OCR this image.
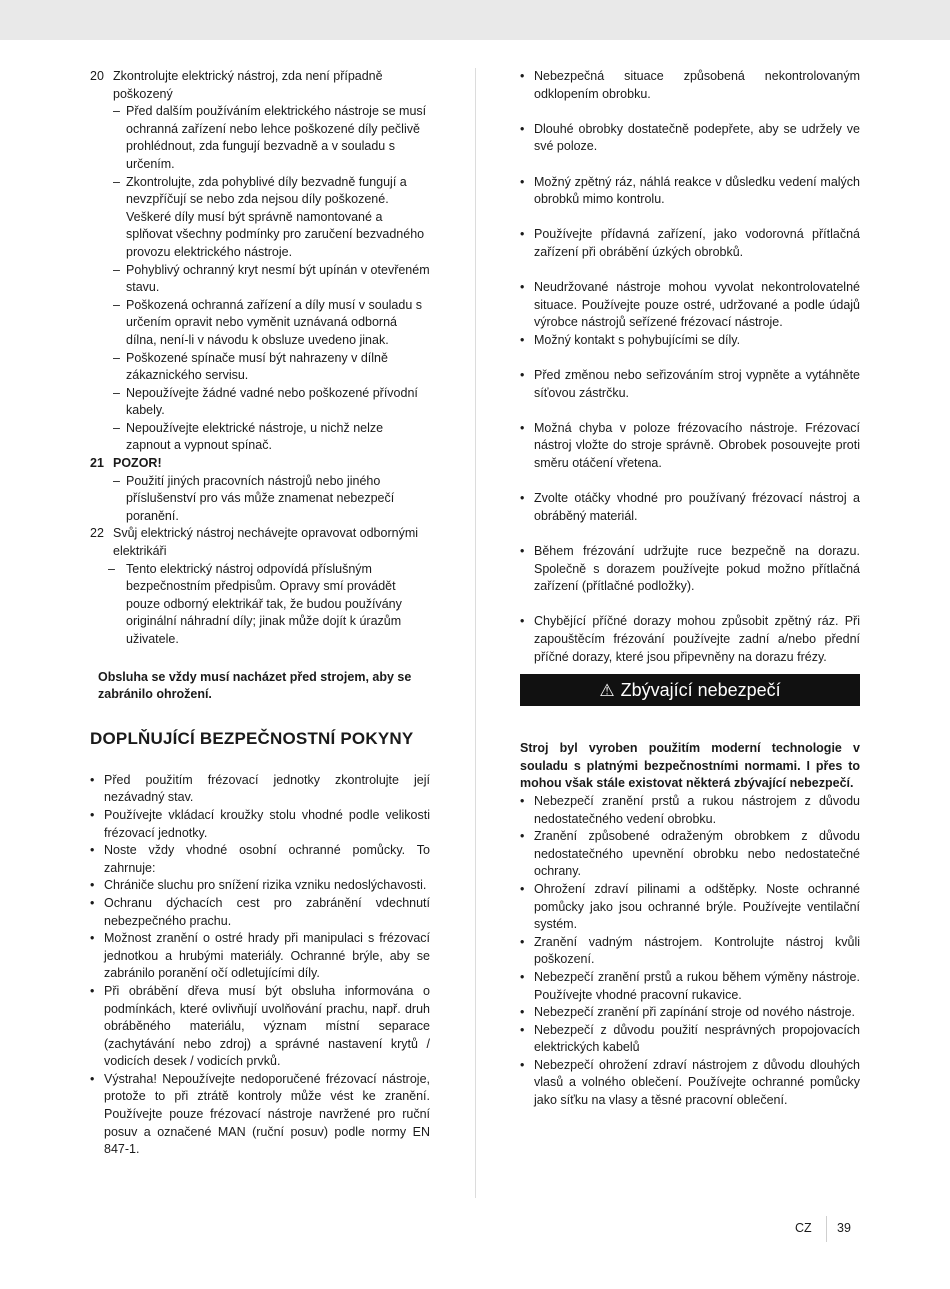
20 Zkontrolujte elektrický nástroj, zda není případně poškozený
– Před dalším používáním elektrického nástroje se musí ochranná zařízení nebo lehce poškozené díly pečlivě prohlédnout, zda fungují bezvadně a v souladu s určením.
– Zkontrolujte, zda pohyblivé díly bezvadně fungují a nevzpříčují se nebo zda nejsou díly poškozené. Veškeré díly musí být správně namontované a splňovat všechny podmínky pro zaručení bezvadného provozu elektrického nástroje.
– Pohyblivý ochranný kryt nesmí být upínán v otevřeném stavu.
– Poškozená ochranná zařízení a díly musí v souladu s určením opravit nebo vyměnit uznávaná odborná dílna, není-li v návodu k obsluze uvedeno jinak.
– Poškozené spínače musí být nahrazeny v dílně zákaznického servisu.
– Nepoužívejte žádné vadné nebo poškozené přívodní kabely.
– Nepoužívejte elektrické nástroje, u nichž nelze zapnout a vypnout spínač.
21 POZOR!
– Použití jiných pracovních nástrojů nebo jiného příslušenství pro vás může znamenat nebezpečí poranění.
22 Svůj elektrický nástroj nechávejte opravovat odbornými elektrikáři
– Tento elektrický nástroj odpovídá příslušným bezpečnostním předpisům. Opravy smí provádět pouze odborný elektrikář tak, že budou používány originální náhradní díly; jinak může dojít k úrazům uživatele.
Obsluha se vždy musí nacházet před strojem, aby se zabránilo ohrožení.
DOPLŇUJÍCÍ BEZPEČNOSTNÍ POKYNY
• Před použitím frézovací jednotky zkontrolujte její nezávadný stav.
• Používejte vkládací kroužky stolu vhodné podle velikosti frézovací jednotky.
• Noste vždy vhodné osobní ochranné pomůcky. To zahrnuje:
• Chrániče sluchu pro snížení rizika vzniku nedoslýchavosti.
• Ochranu dýchacích cest pro zabránění vdechnutí nebezpečného prachu.
• Možnost zranění o ostré hrady při manipulaci s frézovací jednotkou a hrubými materiály. Ochranné brýle, aby se zabránilo poranění očí odletujícími díly.
• Při obrábění dřeva musí být obsluha informována o podmínkách, které ovlivňují uvolňování prachu, např. druh obráběného materiálu, význam místní separace (zachytávání nebo zdroj) a správné nastavení krytů / vodicích desek / vodicích prvků.
• Výstraha! Nepoužívejte nedoporučené frézovací nástroje, protože to při ztrátě kontroly může vést ke zranění. Používejte pouze frézovací nástroje navržené pro ruční posuv a označené MAN (ruční posuv) podle normy EN 847-1.
• Nebezpečná situace způsobená nekontrolovaným odklopením obrobku.
• Dlouhé obrobky dostatečně podepřete, aby se udržely ve své poloze.
• Možný zpětný ráz, náhlá reakce v důsledku vedení malých obrobků mimo kontrolu.
• Používejte přídavná zařízení, jako vodorovná přítlačná zařízení při obrábění úzkých obrobků.
• Neudržované nástroje mohou vyvolat nekontrolovatelné situace. Používejte pouze ostré, udržované a podle údajů výrobce nástrojů seřízené frézovací nástroje.
• Možný kontakt s pohybujícími se díly.
• Před změnou nebo seřizováním stroj vypněte a vytáhněte síťovou zástrčku.
• Možná chyba v poloze frézovacího nástroje. Frézovací nástroj vložte do stroje správně. Obrobek posouvejte proti směru otáčení vřetena.
• Zvolte otáčky vhodné pro používaný frézovací nástroj a obráběný materiál.
• Během frézování udržujte ruce bezpečně na dorazu. Společně s dorazem používejte pokud možno přítlačná zařízení (přítlačné podložky).
• Chybějící příčné dorazy mohou způsobit zpětný ráz. Při zapouštěcím frézování používejte zadní a/nebo přední příčné dorazy, které jsou připevněny na dorazu frézy.
⚠ Zbývající nebezpečí
Stroj byl vyroben použitím moderní technologie v souladu s platnými bezpečnostními normami. I přes to mohou však stále existovat některá zbývající nebezpečí.
• Nebezpečí zranění prstů a rukou nástrojem z důvodu nedostatečného vedení obrobku.
• Zranění způsobené odraženým obrobkem z důvodu nedostatečného upevnění obrobku nebo nedostatečné ochrany.
• Ohrožení zdraví pilinami a odštěpky. Noste ochranné pomůcky jako jsou ochranné brýle. Používejte ventilační systém.
• Zranění vadným nástrojem. Kontrolujte nástroj kvůli poškození.
• Nebezpečí zranění prstů a rukou během výměny nástroje. Používejte vhodné pracovní rukavice.
• Nebezpečí zranění při zapínání stroje od nového nástroje.
• Nebezpečí z důvodu použití nesprávných propojovacích elektrických kabelů
• Nebezpečí ohrožení zdraví nástrojem z důvodu dlouhých vlasů a volného oblečení. Používejte ochranné pomůcky jako síťku na vlasy a těsné pracovní oblečení.
CZ 39
